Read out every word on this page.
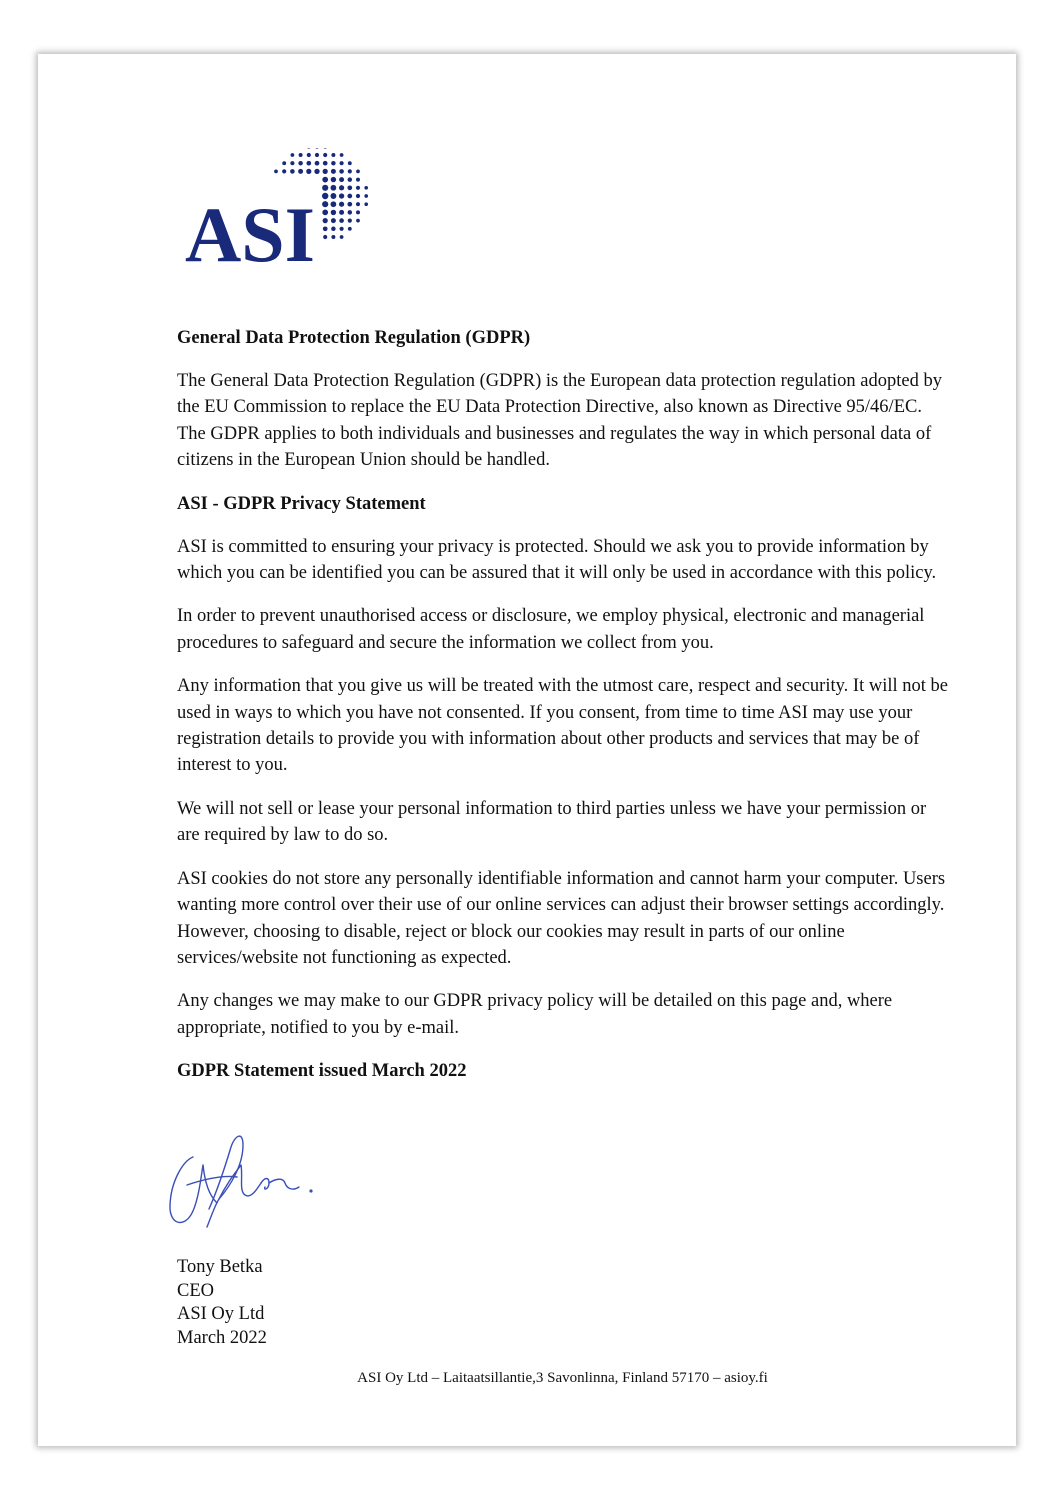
ASI
General Data Protection Regulation (GDPR)

The General Data Protection Regulation (GDPR) is the European data protection regulation adopted by the EU Commission to replace the EU Data Protection Directive, also known as Directive 95/46/EC. The GDPR applies to both individuals and businesses and regulates the way in which personal data of citizens in the European Union should be handled.

ASI - GDPR Privacy Statement

ASI is committed to ensuring your privacy is protected. Should we ask you to provide information by which you can be identified you can be assured that it will only be used in accordance with this policy.

In order to prevent unauthorised access or disclosure, we employ physical, electronic and managerial procedures to safeguard and secure the information we collect from you.

Any information that you give us will be treated with the utmost care, respect and security. It will not be used in ways to which you have not consented. If you consent, from time to time ASI may use your registration details to provide you with information about other products and services that may be of interest to you.

We will not sell or lease your personal information to third parties unless we have your permission or are required by law to do so.

ASI cookies do not store any personally identifiable information and cannot harm your computer. Users wanting more control over their use of our online services can adjust their browser settings accordingly. However, choosing to disable, reject or block our cookies may result in parts of our online services/website not functioning as expected.

Any changes we may make to our GDPR privacy policy will be detailed on this page and, where appropriate, notified to you by e-mail.

GDPR Statement issued March 2022
Tony Betka
CEO
ASI Oy Ltd
March 2022
ASI Oy Ltd – Laitaatsillantie,3 Savonlinna, Finland 57170 – asioy.fi
